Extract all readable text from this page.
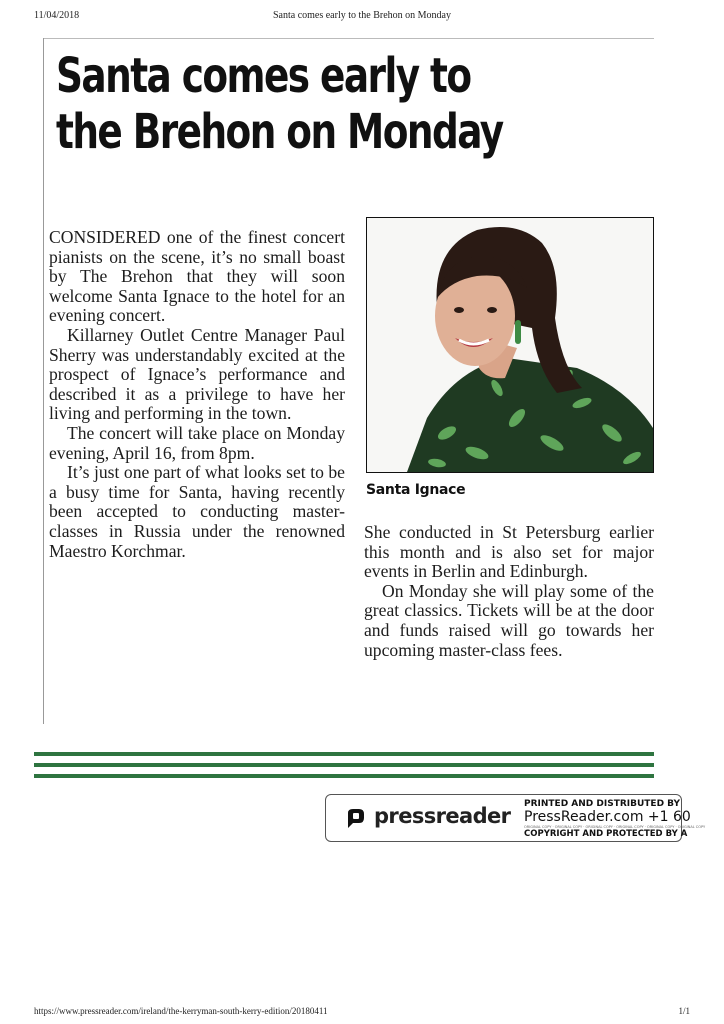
11/04/2018	Santa comes early to the Brehon on Monday
Santa comes early to
the Brehon on Monday

CONSIDERED one of the finest concert pianists on the scene, it’s no small boast by The Brehon that they will soon welcome Santa Ignace to the hotel for an evening concert.

Killarney Outlet Centre Manager Paul Sherry was understandably excited at the prospect of Ignace’s performance and described it as a privilege to have her living and performing in the town.

The concert will take place on Monday evening, April 16, from 8pm.

It’s just one part of what looks set to be a busy time for Santa, having recently been accepted to conducting master-classes in Russia under the renowned Maestro Korchmar.

Santa Ignace

She conducted in St Petersburg earlier this month and is also set for major events in Berlin and Edinburgh.

On Monday she will play some of the great classics. Tickets will be at the door and funds raised will go towards her upcoming master-class fees.

pressreader PRINTED AND DISTRIBUTED BY
PressReader.com +1 60
ORIGINAL COPY · ORIGINAL COPY · ORIGINAL COPY · ORIGINAL COPY · ORIGINAL COPY · ORIGINAL COPY
COPYRIGHT AND PROTECTED BY A
https://www.pressreader.com/ireland/the-kerryman-south-kerry-edition/20180411	1/1
